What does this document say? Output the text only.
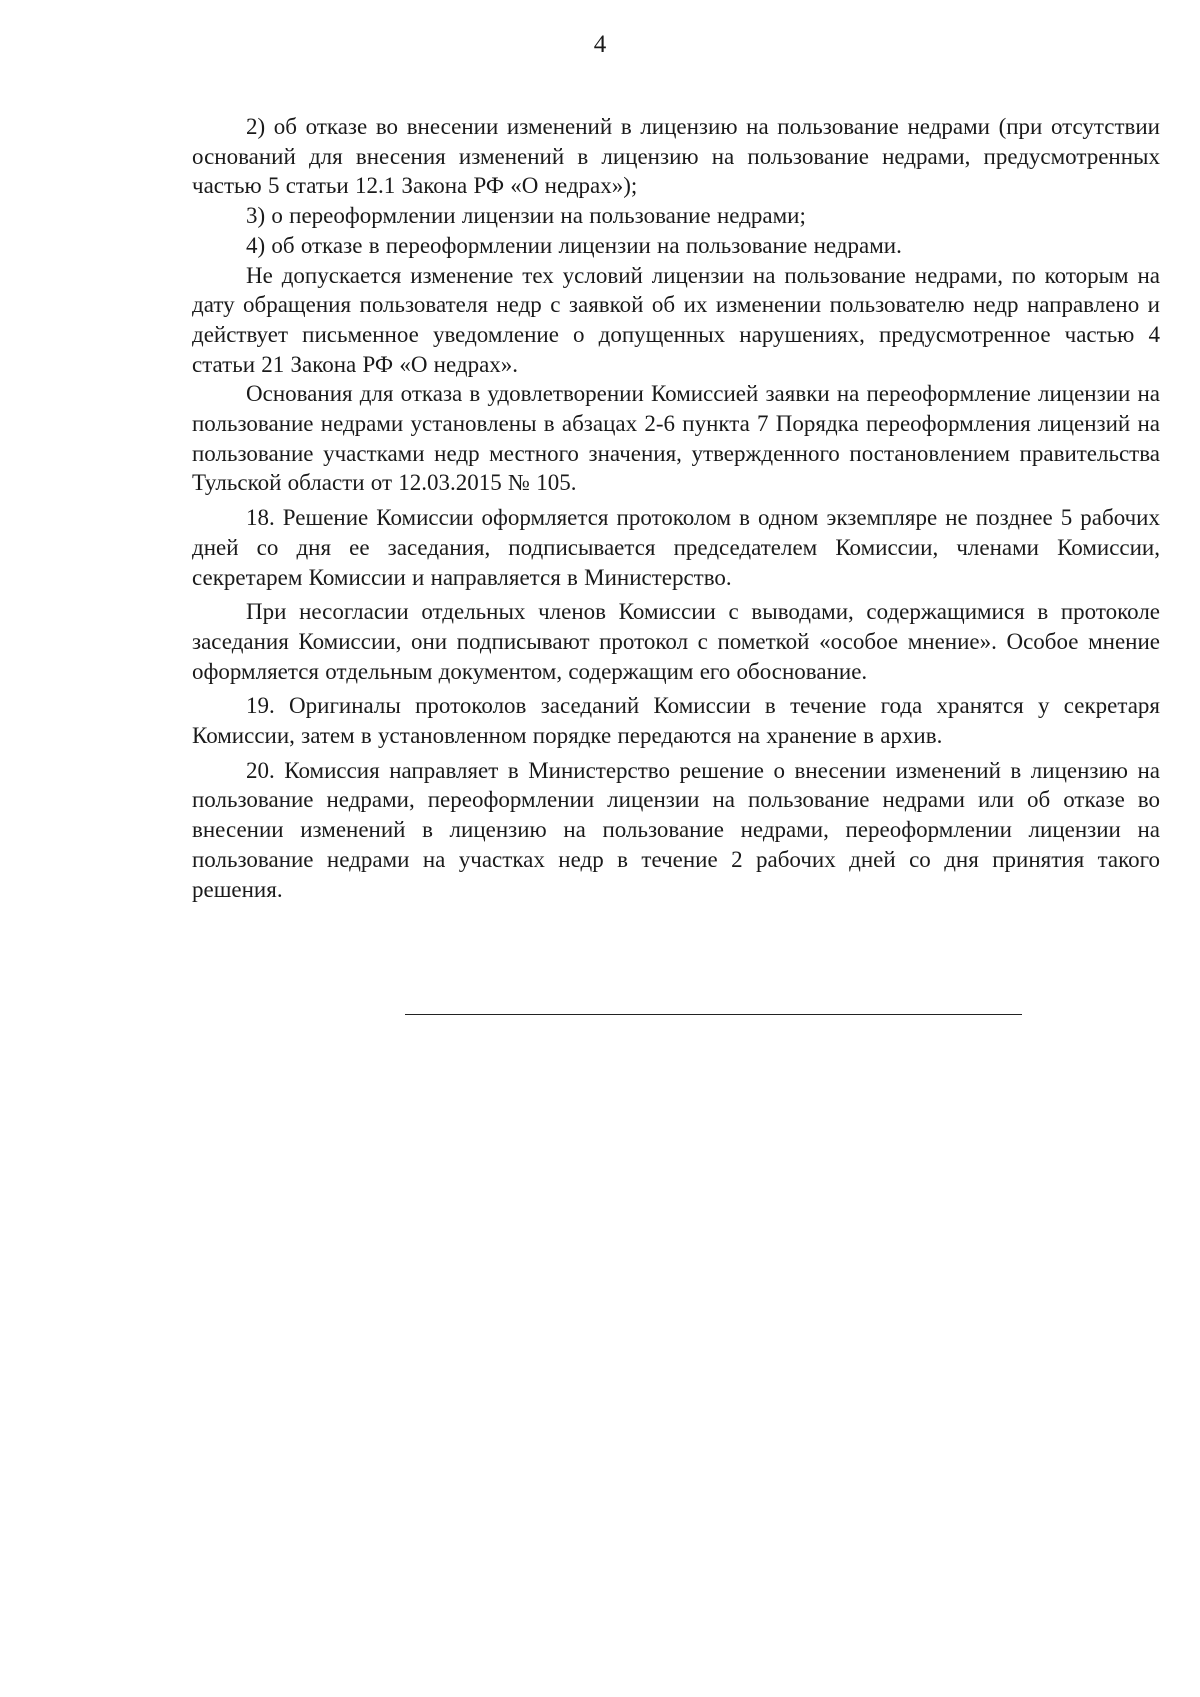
4

2) об отказе во внесении изменений в лицензию на пользование недрами (при отсутствии оснований для внесения изменений в лицензию на пользование недрами, предусмотренных частью 5 статьи 12.1 Закона РФ «О недрах»);

3) о переоформлении лицензии на пользование недрами;

4) об отказе в переоформлении лицензии на пользование недрами.

Не допускается изменение тех условий лицензии на пользование недрами, по которым на дату обращения пользователя недр с заявкой об их изменении пользователю недр направлено и действует письменное уведомление о допущенных нарушениях, предусмотренное частью 4 статьи 21 Закона РФ «О недрах».

Основания для отказа в удовлетворении Комиссией заявки на переоформление лицензии на пользование недрами установлены в абзацах 2-6 пункта 7 Порядка переоформления лицензий на пользование участками недр местного значения, утвержденного постановлением правительства Тульской области от 12.03.2015 № 105.

18. Решение Комиссии оформляется протоколом в одном экземпляре не позднее 5 рабочих дней со дня ее заседания, подписывается председателем Комиссии, членами Комиссии, секретарем Комиссии и направляется в Министерство.

При несогласии отдельных членов Комиссии с выводами, содержащимися в протоколе заседания Комиссии, они подписывают протокол с пометкой «особое мнение». Особое мнение оформляется отдельным документом, содержащим его обоснование.

19. Оригиналы протоколов заседаний Комиссии в течение года хранятся у секретаря Комиссии, затем в установленном порядке передаются на хранение в архив.

20. Комиссия направляет в Министерство решение о внесении изменений в лицензию на пользование недрами, переоформлении лицензии на пользование недрами или об отказе во внесении изменений в лицензию на пользование недрами, переоформлении лицензии на пользование недрами на участках недр в течение 2 рабочих дней со дня принятия такого решения.
